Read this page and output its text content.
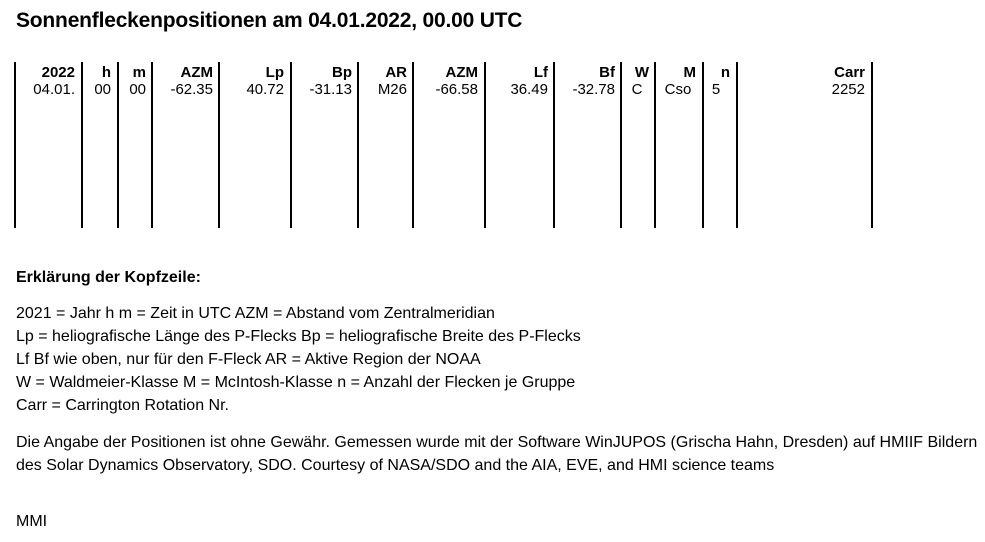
Sonnenfleckenpositionen am 04.01.2022, 00.00 UTC
2022	h	m	AZM	Lp	Bp	AR	AZM	Lf	Bf	W	M	n	Carr
04.01.	00	00	-62.35	40.72	-31.13	M26	-66.58	36.49	-32.78	C	Cso	5	2252
Erklärung der Kopfzeile:
2021 = Jahr h m = Zeit in UTC AZM = Abstand vom Zentralmeridian
Lp = heliografische Länge des P-Flecks Bp = heliografische Breite des P-Flecks
Lf Bf wie oben, nur für den F-Fleck AR = Aktive Region der NOAA
W = Waldmeier-Klasse M = McIntosh-Klasse n = Anzahl der Flecken je Gruppe
Carr = Carrington Rotation Nr.
Die Angabe der Positionen ist ohne Gewähr. Gemessen wurde mit der Software WinJUPOS (Grischa Hahn, Dresden) auf HMIIF Bildern des Solar Dynamics Observatory, SDO. Courtesy of NASA/SDO and the AIA, EVE, and HMI science teams
MMI
